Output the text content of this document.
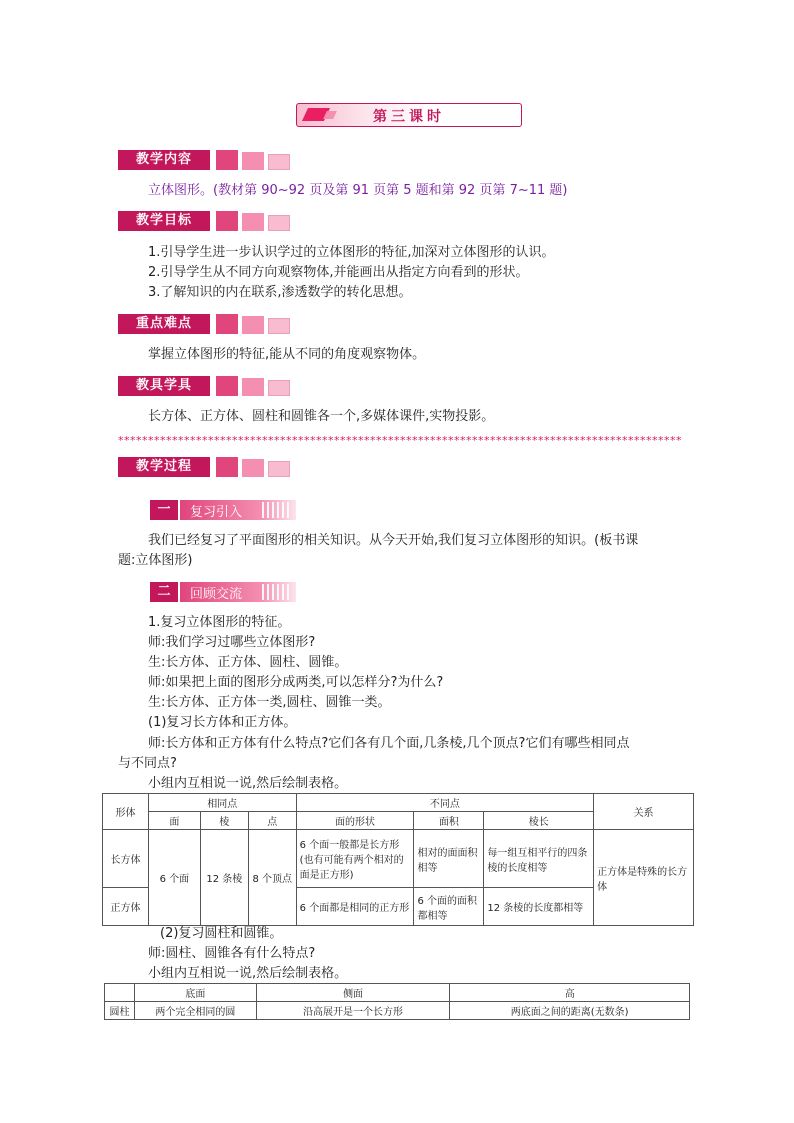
第三课时
教学内容
立体图形。(教材第 90~92 页及第 91 页第 5 题和第 92 页第 7~11 题)
教学目标
1.引导学生进一步认识学过的立体图形的特征,加深对立体图形的认识。
2.引导学生从不同方向观察物体,并能画出从指定方向看到的形状。
3.了解知识的内在联系,渗透数学的转化思想。
重点难点
掌握立体图形的特征,能从不同的角度观察物体。
教具学具
长方体、正方体、圆柱和圆锥各一个,多媒体课件,实物投影。
**********************************************************************************************
教学过程
一	复习引入
我们已经复习了平面图形的相关知识。从今天开始,我们复习立体图形的知识。(板书课
题:立体图形)
二	回顾交流
1.复习立体图形的特征。
师:我们学习过哪些立体图形?
生:长方体、正方体、圆柱、圆锥。
师:如果把上面的图形分成两类,可以怎样分?为什么?
生:长方体、正方体一类,圆柱、圆锥一类。
(1)复习长方体和正方体。
师:长方体和正方体有什么特点?它们各有几个面,几条棱,几个顶点?它们有哪些相同点
与不同点?
小组内互相说一说,然后绘制表格。
形体	相同点			不同点			关系
	面	棱	点	面的形状	面积	棱长	
长方体	6 个面	12 条棱	8 个顶点	6 个面一般都是长方形(也有可能有两个相对的面是正方形)	相对的面面积相等	每一组互相平行的四条棱的长度相等	正方体是特殊的长方体
正方体				6 个面都是相同的正方形	6 个面的面积都相等	12 条棱的长度都相等	
(2)复习圆柱和圆锥。
师:圆柱、圆锥各有什么特点?
小组内互相说一说,然后绘制表格。
	底面	侧面	高
圆柱	两个完全相同的圆	沿高展开是一个长方形	两底面之间的距离(无数条)
